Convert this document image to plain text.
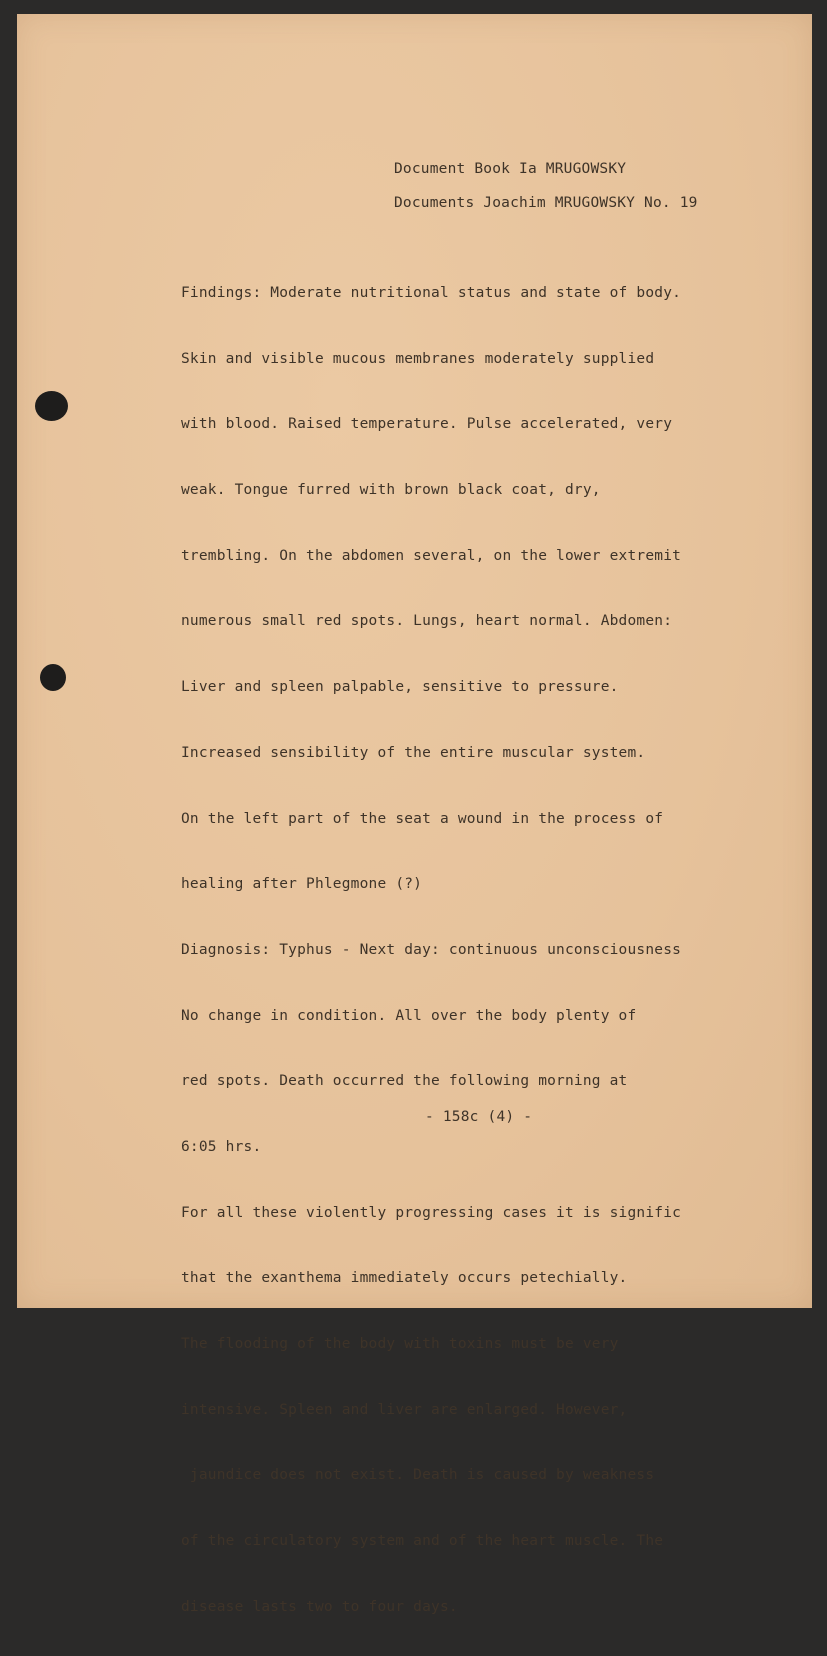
Document Book Ia MRUGOWSKY
Documents Joachim MRUGOWSKY No. 19

Findings: Moderate nutritional status and state of body.

Skin and visible mucous membranes moderately supplied

with blood. Raised temperature. Pulse accelerated, very

weak. Tongue furred with brown black coat, dry,

trembling. On the abdomen several, on the lower extremit

numerous small red spots. Lungs, heart normal. Abdomen:

Liver and spleen palpable, sensitive to pressure.

Increased sensibility of the entire muscular system.

On the left part of the seat a wound in the process of

healing after Phlegmone (?)

Diagnosis: Typhus - Next day: continuous unconsciousness

No change in condition. All over the body plenty of

red spots. Death occurred the following morning at

6:05 hrs.

For all these violently progressing cases it is signific

that the exanthema immediately occurs petechially.

The flooding of the body with toxins must be very

intensive. Spleen and liver are enlarged. However,

jaundice does not exist. Death is caused by weakness

of the circulatory system and of the heart muscle. The

disease lasts two to four days.

- 158c (4) -
